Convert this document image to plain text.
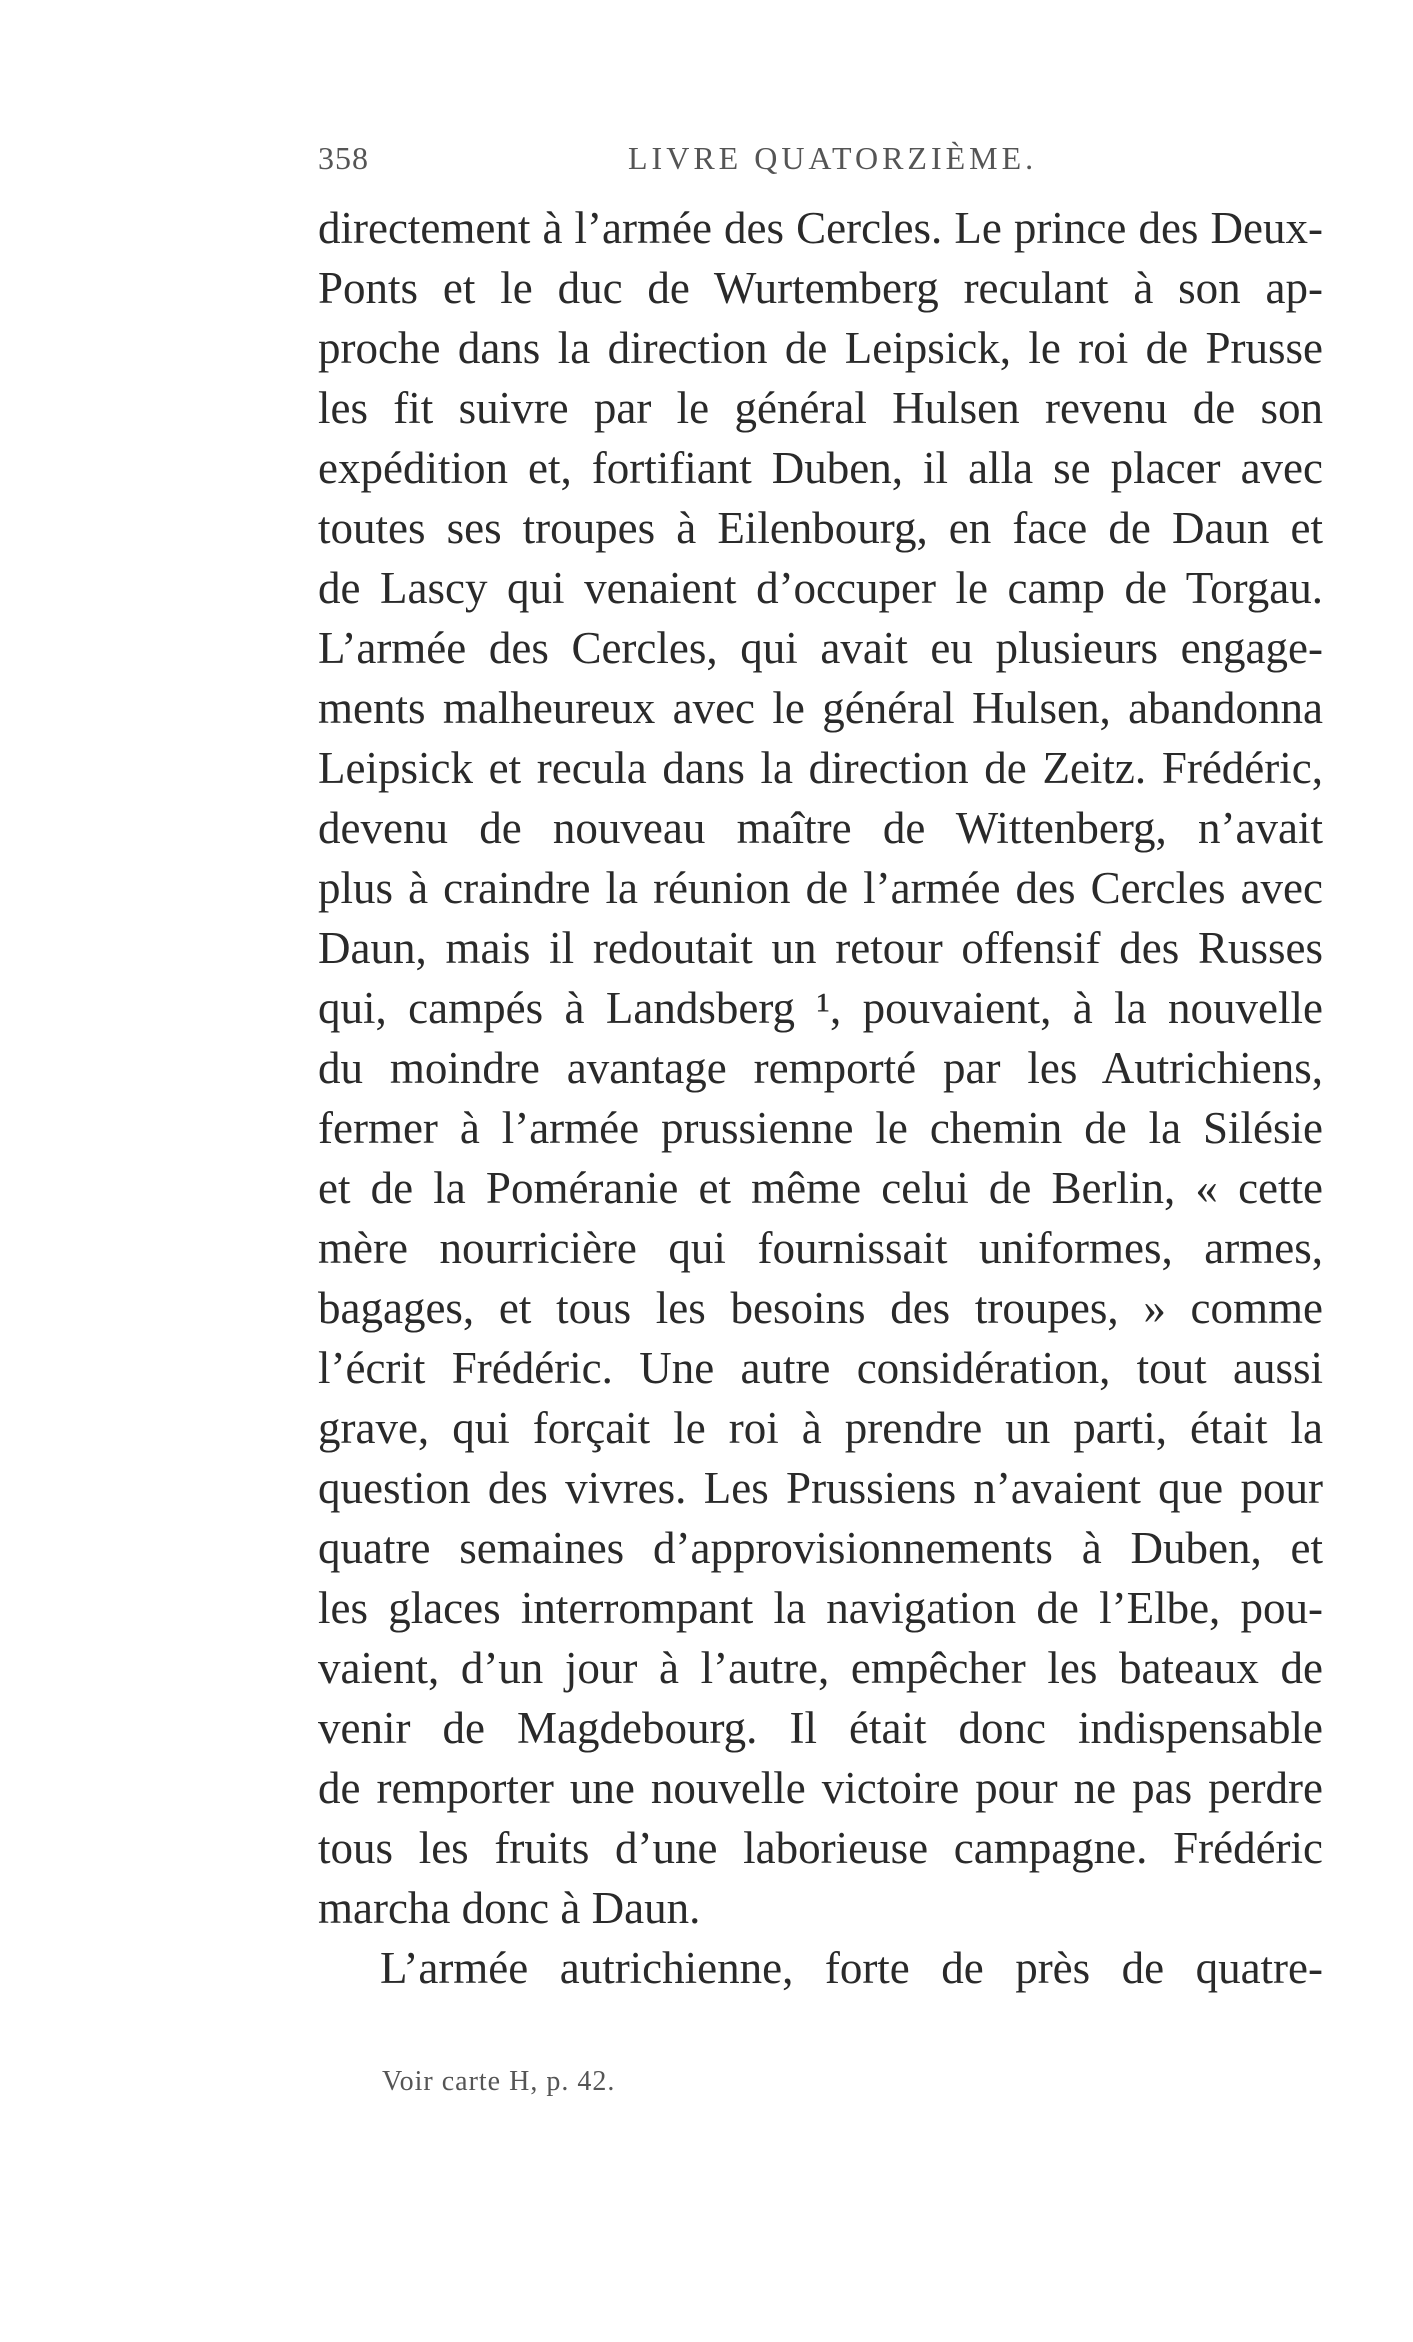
358	LIVRE QUATORZIÈME.
directement à l’armée des Cercles. Le prince des Deux-
Ponts et le duc de Wurtemberg reculant à son ap-
proche dans la direction de Leipsick, le roi de Prusse
les fit suivre par le général Hulsen revenu de son
expédition et, fortifiant Duben, il alla se placer avec
toutes ses troupes à Eilenbourg, en face de Daun et
de Lascy qui venaient d’occuper le camp de Torgau.
L’armée des Cercles, qui avait eu plusieurs engage-
ments malheureux avec le général Hulsen, abandonna
Leipsick et recula dans la direction de Zeitz. Frédéric,
devenu de nouveau maître de Wittenberg, n’avait
plus à craindre la réunion de l’armée des Cercles avec
Daun, mais il redoutait un retour offensif des Russes
qui, campés à Landsberg ¹, pouvaient, à la nouvelle
du moindre avantage remporté par les Autrichiens,
fermer à l’armée prussienne le chemin de la Silésie
et de la Poméranie et même celui de Berlin, « cette
mère nourricière qui fournissait uniformes, armes,
bagages, et tous les besoins des troupes, » comme
l’écrit Frédéric. Une autre considération, tout aussi
grave, qui forçait le roi à prendre un parti, était la
question des vivres. Les Prussiens n’avaient que pour
quatre semaines d’approvisionnements à Duben, et
les glaces interrompant la navigation de l’Elbe, pou-
vaient, d’un jour à l’autre, empêcher les bateaux de
venir de Magdebourg. Il était donc indispensable
de remporter une nouvelle victoire pour ne pas perdre
tous les fruits d’une laborieuse campagne. Frédéric
marcha donc à Daun.
L’armée autrichienne, forte de près de quatre-
Voir carte H, p. 42.
